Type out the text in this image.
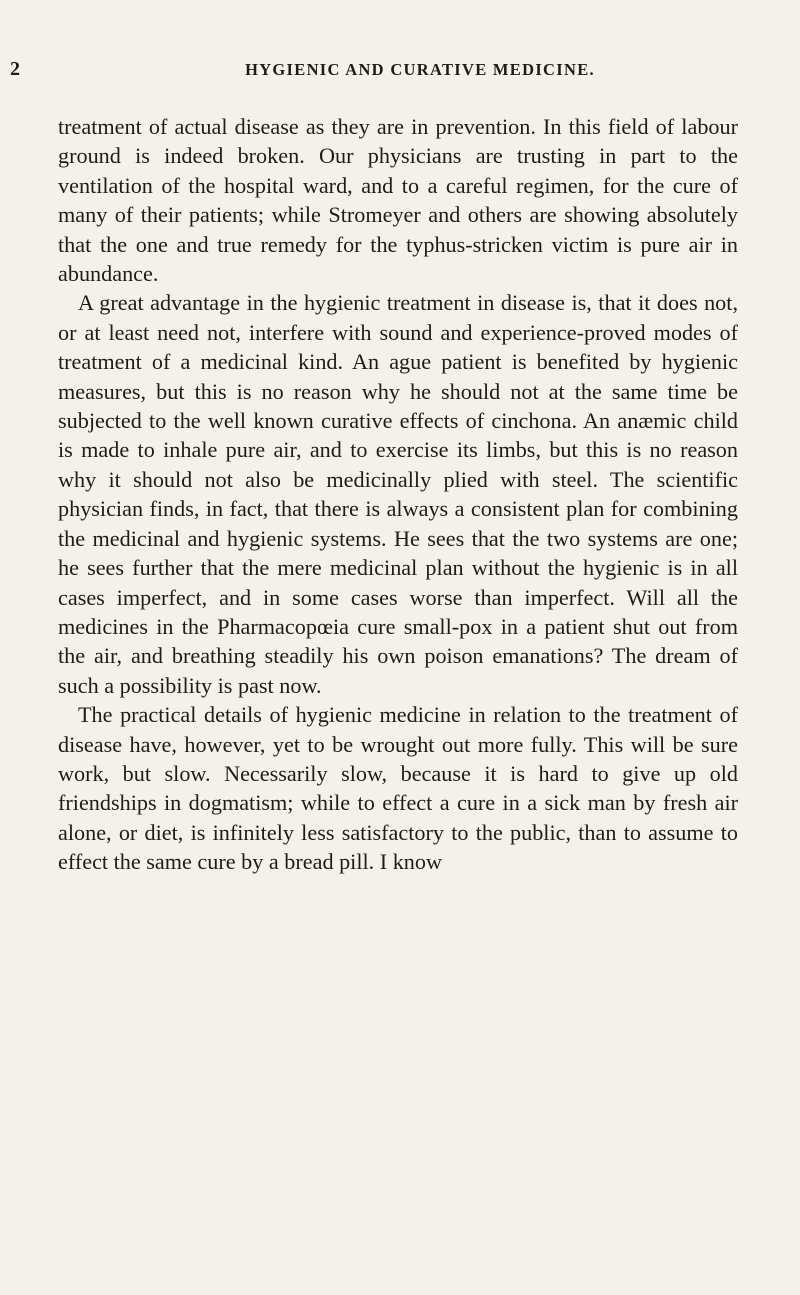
2	HYGIENIC AND CURATIVE MEDICINE.

treatment of actual disease as they are in prevention. In this field of labour ground is indeed broken. Our physicians are trusting in part to the ventilation of the hospital ward, and to a careful regimen, for the cure of many of their patients; while Stromeyer and others are showing absolutely that the one and true remedy for the typhus-stricken victim is pure air in abundance.

A great advantage in the hygienic treatment in disease is, that it does not, or at least need not, interfere with sound and experience-proved modes of treatment of a medicinal kind. An ague patient is benefited by hygienic measures, but this is no reason why he should not at the same time be subjected to the well known curative effects of cinchona. An anæmic child is made to inhale pure air, and to exercise its limbs, but this is no reason why it should not also be medicinally plied with steel. The scientific physician finds, in fact, that there is always a consistent plan for combining the medicinal and hygienic systems. He sees that the two systems are one; he sees further that the mere medicinal plan without the hygienic is in all cases imperfect, and in some cases worse than imperfect. Will all the medicines in the Pharmacopœia cure small-pox in a patient shut out from the air, and breathing steadily his own poison emanations? The dream of such a possibility is past now.

The practical details of hygienic medicine in relation to the treatment of disease have, however, yet to be wrought out more fully. This will be sure work, but slow. Necessarily slow, because it is hard to give up old friendships in dogmatism; while to effect a cure in a sick man by fresh air alone, or diet, is infinitely less satisfactory to the public, than to assume to effect the same cure by a bread pill. I know
